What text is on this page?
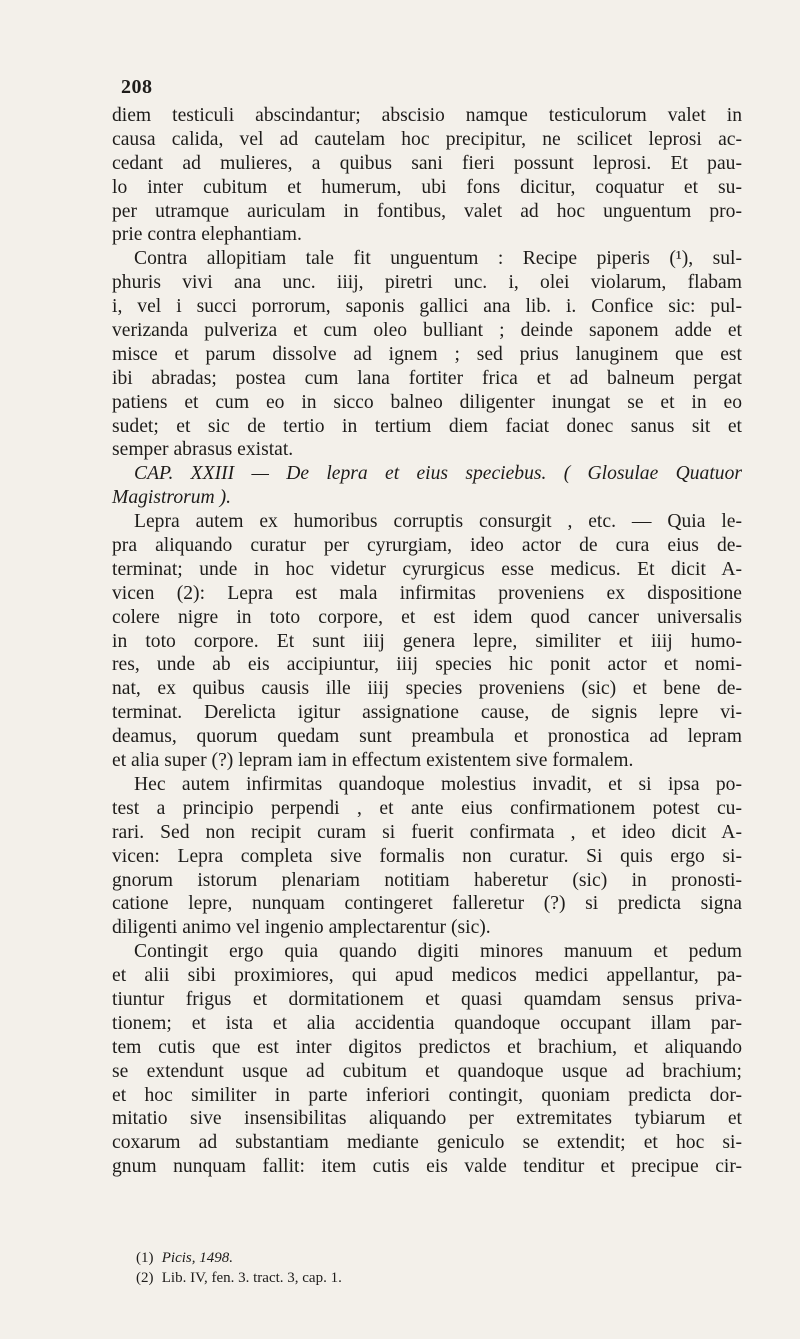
208
diem testiculi abscindantur; abscisio namque testiculorum valet in
causa calida, vel ad cautelam hoc precipitur, ne scilicet leprosi ac-
cedant ad mulieres, a quibus sani fieri possunt leprosi. Et pau-
lo inter cubitum et humerum, ubi fons dicitur, coquatur et su-
per utramque auriculam in fontibus, valet ad hoc unguentum pro-
prie contra elephantiam.
Contra allopitiam tale fit unguentum : Recipe piperis (¹), sul-
phuris vivi ana unc. iiij, piretri unc. i, olei violarum, flabam
i, vel i succi porrorum, saponis gallici ana lib. i. Confice sic: pul-
verizanda pulveriza et cum oleo bulliant ; deinde saponem adde et
misce et parum dissolve ad ignem ; sed prius lanuginem que est
ibi abradas; postea cum lana fortiter frica et ad balneum pergat
patiens et cum eo in sicco balneo diligenter inungat se et in eo
sudet; et sic de tertio in tertium diem faciat donec sanus sit et
semper abrasus existat.
CAP. XXIII — De lepra et eius speciebus. ( Glosulae Quatuor
Magistrorum ).
Lepra autem ex humoribus corruptis consurgit , etc. — Quia le-
pra aliquando curatur per cyrurgiam, ideo actor de cura eius de-
terminat; unde in hoc videtur cyrurgicus esse medicus. Et dicit A-
vicen (2): Lepra est mala infirmitas proveniens ex dispositione
colere nigre in toto corpore, et est idem quod cancer universalis
in toto corpore. Et sunt iiij genera lepre, similiter et iiij humo-
res, unde ab eis accipiuntur, iiij species hic ponit actor et nomi-
nat, ex quibus causis ille iiij species proveniens (sic) et bene de-
terminat. Derelicta igitur assignatione cause, de signis lepre vi-
deamus, quorum quedam sunt preambula et pronostica ad lepram
et alia super (?) lepram iam in effectum existentem sive formalem.
Hec autem infirmitas quandoque molestius invadit, et si ipsa po-
test a principio perpendi , et ante eius confirmationem potest cu-
rari. Sed non recipit curam si fuerit confirmata , et ideo dicit A-
vicen: Lepra completa sive formalis non curatur. Si quis ergo si-
gnorum istorum plenariam notitiam haberetur (sic) in pronosti-
catione lepre, nunquam contingeret falleretur (?) si predicta signa
diligenti animo vel ingenio amplectarentur (sic).
Contingit ergo quia quando digiti minores manuum et pedum
et alii sibi proximiores, qui apud medicos medici appellantur, pa-
tiuntur frigus et dormitationem et quasi quamdam sensus priva-
tionem; et ista et alia accidentia quandoque occupant illam par-
tem cutis que est inter digitos predictos et brachium, et aliquando
se extendunt usque ad cubitum et quandoque usque ad brachium;
et hoc similiter in parte inferiori contingit, quoniam predicta dor-
mitatio sive insensibilitas aliquando per extremitates tybiarum et
coxarum ad substantiam mediante geniculo se extendit; et hoc si-
gnum nunquam fallit: item cutis eis valde tenditur et precipue cir-
(1) Picis, 1498.
(2) Lib. IV, fen. 3. tract. 3, cap. 1.
